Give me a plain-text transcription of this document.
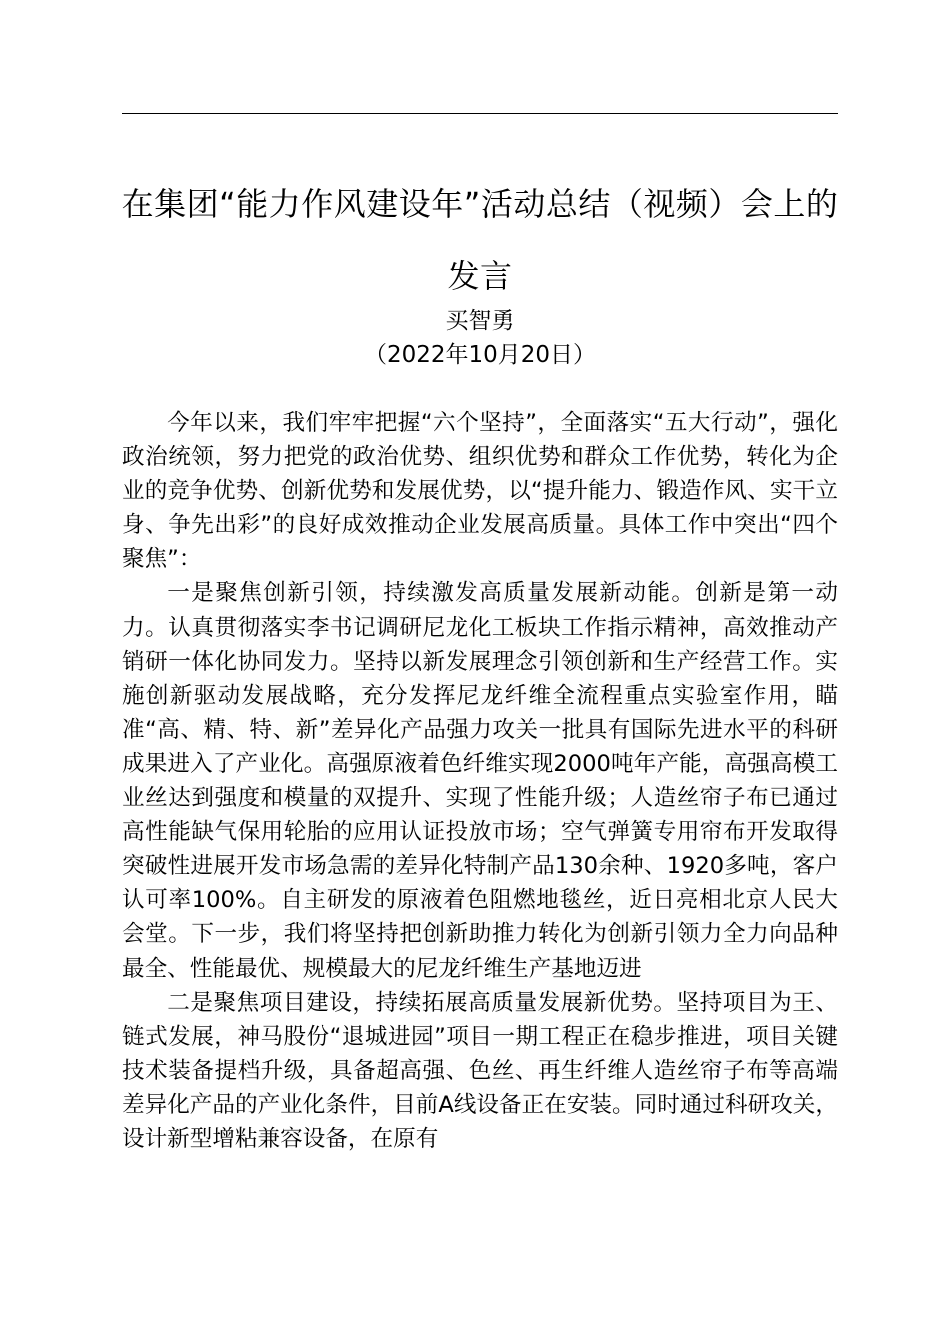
在集团“能力作风建设年”活动总结（视频）会上的发言
买智勇
（2022年10月20日）

今年以来，我们牢牢把握“六个坚持”，全面落实“五大行动”，强化政治统领，努力把党的政治优势、组织优势和群众工作优势，转化为企业的竞争优势、创新优势和发展优势，以“提升能力、锻造作风、实干立身、争先出彩”的良好成效推动企业发展高质量。具体工作中突出“四个聚焦”：

一是聚焦创新引领，持续激发高质量发展新动能。创新是第一动力。认真贯彻落实李书记调研尼龙化工板块工作指示精神，高效推动产销研一体化协同发力。坚持以新发展理念引领创新和生产经营工作。实施创新驱动发展战略，充分发挥尼龙纤维全流程重点实验室作用，瞄准“高、精、特、新”差异化产品强力攻关一批具有国际先进水平的科研成果进入了产业化。高强原液着色纤维实现2000吨年产能，高强高模工业丝达到强度和模量的双提升、实现了性能升级；人造丝帘子布已通过高性能缺气保用轮胎的应用认证投放市场；空气弹簧专用帘布开发取得突破性进展开发市场急需的差异化特制产品130余种、1920多吨，客户认可率100%。自主研发的原液着色阻燃地毯丝，近日亮相北京人民大会堂。下一步，我们将坚持把创新助推力转化为创新引领力全力向品种最全、性能最优、规模最大的尼龙纤维生产基地迈进

二是聚焦项目建设，持续拓展高质量发展新优势。坚持项目为王、链式发展，神马股份“退城进园”项目一期工程正在稳步推进，项目关键技术装备提档升级，具备超高强、色丝、再生纤维人造丝帘子布等高端差异化产品的产业化条件，目前A线设备正在安装。同时通过科研攻关，设计新型增粘兼容设备，在原有
